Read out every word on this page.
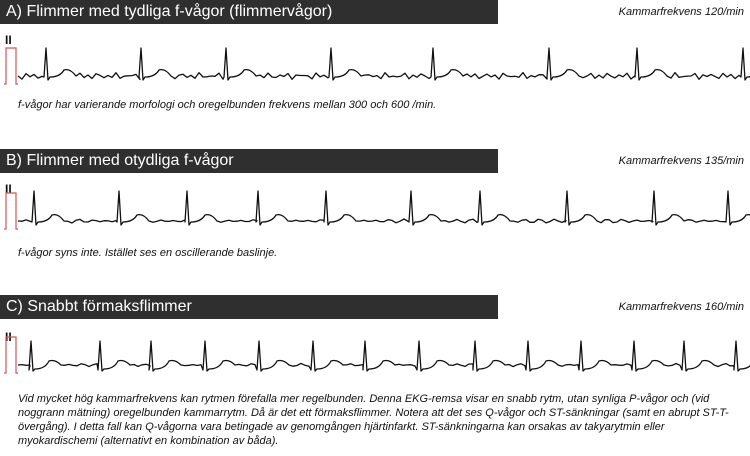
A) Flimmer med tydliga f-vågor (flimmervågor)	Kammarfrekvens 120/min
II
f-vågor har varierande morfologi och oregelbunden frekvens mellan 300 och 600 /min.
B) Flimmer med otydliga f-vågor	Kammarfrekvens 135/min
II
f-vågor syns inte. Istället ses en oscillerande baslinje.
C) Snabbt förmaksflimmer	Kammarfrekvens 160/min
II
Vid mycket hög kammarfrekvens kan rytmen förefalla mer regelbunden. Denna EKG-remsa visar en snabb rytm, utan synliga P-vågor och (vid noggrann mätning) oregelbunden kammarrytm. Då är det ett förmaksflimmer. Notera att det ses Q-vågor och ST-sänkningar (samt en abrupt ST-T-övergång). I detta fall kan Q-vågorna vara betingade av genomgången hjärtinfarkt. ST-sänkningarna kan orsakas av takyarytmin eller myokardischemi (alternativt en kombination av båda).
